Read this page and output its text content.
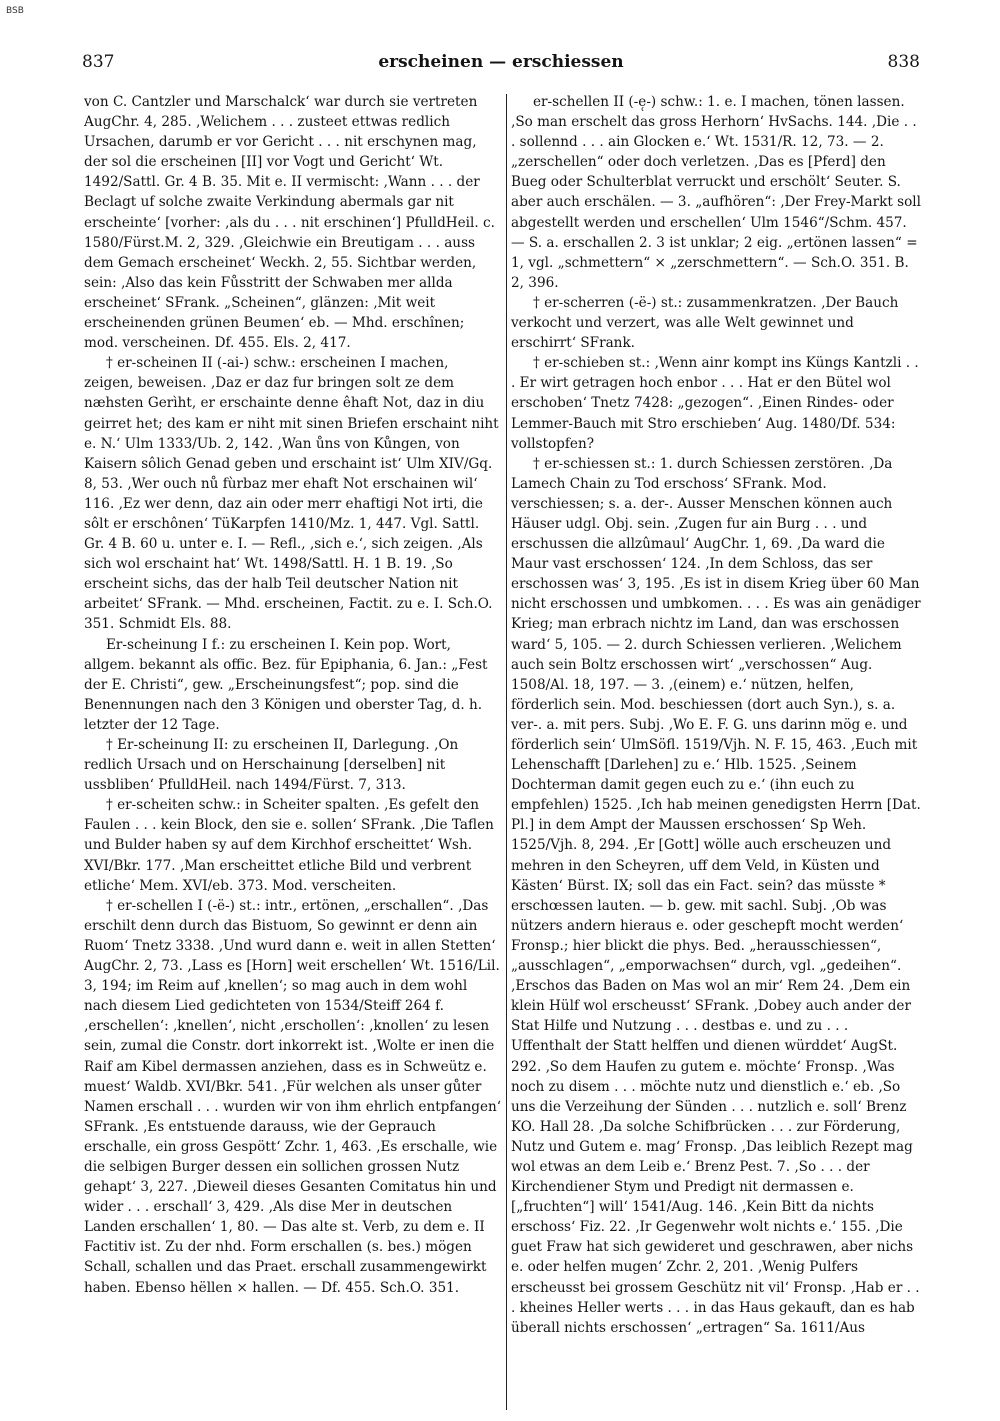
BSB
837	erscheinen — erschiessen	838

von C. Cantzler und Marschalck‘ war durch sie vertreten AugChr. 4, 285. ‚Welichem . . . zusteet ettwas redlich Ursachen, darumb er vor Gericht . . . nit erschynen mag, der sol die erscheinen [II] vor Vogt und Gericht‘ Wt. 1492/Sattl. Gr. 4 B. 35. Mit e. II vermischt: ‚Wann . . . der Beclagt uf solche zwaite Verkindung abermals gar nit erscheinte‘ [vorher: ‚als du . . . nit erschinen‘] PfulldHeil. c. 1580/Fürst.M. 2, 329. ‚Gleichwie ein Breutigam . . . auss dem Gemach erscheinet‘ Weckh. 2, 55. Sichtbar werden, sein: ‚Also das kein Fůsstritt der Schwaben mer allda erscheinet‘ SFrank. „Scheinen“, glänzen: ‚Mit weit erscheinenden grünen Beumen‘ eb. — Mhd. erschînen; mod. verscheinen. Df. 455. Els. 2, 417.

† er-scheinen II (-ai-) schw.: erscheinen I machen, zeigen, beweisen. ‚Daz er daz fur bringen solt ze dem næhsten Gerìht, er erschainte denne êhaft Not, daz in diu geirret het; des kam er niht mit sinen Briefen erschaint niht e. N.‘ Ulm 1333/Ub. 2, 142. ‚Wan ůns von Kůngen, von Kaisern sôlich Genad geben und erschaint ist‘ Ulm XIV/Gq. 8, 53. ‚Wer ouch nů fùrbaz mer ehaft Not erschainen wil‘ 116. ‚Ez wer denn, daz ain oder merr ehaftigi Not irti, die sôlt er erschônen‘ TüKarpfen 1410/Mz. 1, 447. Vgl. Sattl. Gr. 4 B. 60 u. unter e. I. — Refl., ‚sich e.‘, sich zeigen. ‚Als sich wol erschaint hat‘ Wt. 1498/Sattl. H. 1 B. 19. ‚So erscheint sichs, das der halb Teil deutscher Nation nit arbeitet‘ SFrank. — Mhd. erscheinen, Factit. zu e. I. Sch.O. 351. Schmidt Els. 88.

Er-scheinung I f.: zu erscheinen I. Kein pop. Wort, allgem. bekannt als offic. Bez. für Epiphania, 6. Jan.: „Fest der E. Christi“, gew. „Erscheinungsfest“; pop. sind die Benennungen nach den 3 Königen und oberster Tag, d. h. letzter der 12 Tage.

† Er-scheinung II: zu erscheinen II, Darlegung. ‚On redlich Ursach und on Herschainung [derselben] nit ussbliben‘ PfulldHeil. nach 1494/Fürst. 7, 313.

† er-scheiten schw.: in Scheiter spalten. ‚Es gefelt den Faulen . . . kein Block, den sie e. sollen‘ SFrank. ‚Die Taflen und Bulder haben sy auf dem Kirchhof erscheittet‘ Wsh. XVI/Bkr. 177. ‚Man erscheittet etliche Bild und verbrent etliche‘ Mem. XVI/eb. 373. Mod. verscheiten.

† er-schellen I (-ë-) st.: intr., ertönen, „erschallen“. ‚Das erschilt denn durch das Bistuom, So gewinnt er denn ain Ruom‘ Tnetz 3338. ‚Und wurd dann e. weit in allen Stetten‘ AugChr. 2, 73. ‚Lass es [Horn] weit erschellen‘ Wt. 1516/Lil. 3, 194; im Reim auf ‚knellen‘; so mag auch in dem wohl nach diesem Lied gedichteten von 1534/Steiff 264 f. ‚erschellen‘: ‚knellen‘, nicht ‚erschollen‘: ‚knollen‘ zu lesen sein, zumal die Constr. dort inkorrekt ist. ‚Wolte er inen die Raif am Kibel dermassen anziehen, dass es in Schweütz e. muest‘ Waldb. XVI/Bkr. 541. ‚Für welchen als unser gůter Namen erschall . . . wurden wir von ihm ehrlich entpfangen‘ SFrank. ‚Es entstuende darauss, wie der Geprauch erschalle, ein gross Gespött‘ Zchr. 1, 463. ‚Es erschalle, wie die selbigen Burger dessen ein sollichen grossen Nutz gehapt‘ 3, 227. ‚Dieweil dieses Gesanten Comitatus hin und wider . . . erschall‘ 3, 429. ‚Als dise Mer in deutschen Landen erschallen‘ 1, 80. — Das alte st. Verb, zu dem e. II Factitiv ist. Zu der nhd. Form erschallen (s. bes.) mögen Schall, schallen und das Praet. erschall zusammengewirkt haben. Ebenso hëllen × hallen. — Df. 455. Sch.O. 351.

er-schellen II (-e̜-) schw.: 1. e. I machen, tönen lassen. ‚So man erschelt das gross Herhorn‘ HvSachs. 144. ‚Die . . . sollennd . . . ain Glocken e.‘ Wt. 1531/R. 12, 73. — 2. „zerschellen“ oder doch verletzen. ‚Das es [Pferd] den Bueg oder Schulterblat verruckt und erschölt‘ Seuter. S. aber auch erschälen. — 3. „aufhören“: ‚Der Frey-Markt soll abgestellt werden und erschellen‘ Ulm 1546“/Schm. 457. — S. a. erschallen 2. 3 ist unklar; 2 eig. „ertönen lassen“ = 1, vgl. „schmettern“ × „zerschmettern“. — Sch.O. 351. B. 2, 396.

† er-scherren (-ë-) st.: zusammenkratzen. ‚Der Bauch verkocht und verzert, was alle Welt gewinnet und erschirrt‘ SFrank.

† er-schieben st.: ‚Wenn ainr kompt ins Küngs Kantzli . . . Er wirt getragen hoch enbor . . . Hat er den Bütel wol erschoben‘ Tnetz 7428: „gezogen“. ‚Einen Rindes- oder Lemmer-Bauch mit Stro erschieben‘ Aug. 1480/Df. 534: vollstopfen?

† er-schiessen st.: 1. durch Schiessen zerstören. ‚Da Lamech Chain zu Tod erschoss‘ SFrank. Mod. verschiessen; s. a. der-. Ausser Menschen können auch Häuser udgl. Obj. sein. ‚Zugen fur ain Burg . . . und erschussen die allzûmaul‘ AugChr. 1, 69. ‚Da ward die Maur vast erschossen‘ 124. ‚In dem Schloss, das ser erschossen was‘ 3, 195. ‚Es ist in disem Krieg über 60 Man nicht erschossen und umbkomen. . . . Es was ain genädiger Krieg; man erbrach nichtz im Land, dan was erschossen ward‘ 5, 105. — 2. durch Schiessen verlieren. ‚Welichem auch sein Boltz erschossen wirt‘ „verschossen“ Aug. 1508/Al. 18, 197. — 3. ‚(einem) e.‘ nützen, helfen, förderlich sein. Mod. beschiessen (dort auch Syn.), s. a. ver-. a. mit pers. Subj. ‚Wo E. F. G. uns darinn mög e. und förderlich sein‘ UlmSöfl. 1519/Vjh. N. F. 15, 463. ‚Euch mit Lehenschafft [Darlehen] zu e.‘ Hlb. 1525. ‚Seinem Dochterman damit gegen euch zu e.‘ (ihn euch zu empfehlen) 1525. ‚Ich hab meinen genedigsten Herrn [Dat. Pl.] in dem Ampt der Maussen erschossen‘ Sp Weh. 1525/Vjh. 8, 294. ‚Er [Gott] wölle auch erscheuzen und mehren in den Scheyren, uff dem Veld, in Küsten und Kästen‘ Bürst. IX; soll das ein Fact. sein? das müsste * erschœssen lauten. — b. gew. mit sachl. Subj. ‚Ob was nützers andern hieraus e. oder geschepft mocht werden‘ Fronsp.; hier blickt die phys. Bed. „herausschiessen“, „ausschlagen“, „emporwachsen“ durch, vgl. „gedeihen“. ‚Erschos das Baden on Mas wol an mir‘ Rem 24. ‚Dem ein klein Hülf wol erscheusst‘ SFrank. ‚Dobey auch ander der Stat Hilfe und Nutzung . . . destbas e. und zu . . . Uffenthalt der Statt helffen und dienen würddet‘ AugSt. 292. ‚So dem Haufen zu gutem e. möchte‘ Fronsp. ‚Was noch zu disem . . . möchte nutz und dienstlich e.‘ eb. ‚So uns die Verzeihung der Sünden . . . nutzlich e. soll‘ Brenz KO. Hall 28. ‚Da solche Schifbrücken . . . zur Förderung, Nutz und Gutem e. mag‘ Fronsp. ‚Das leiblich Rezept mag wol etwas an dem Leib e.‘ Brenz Pest. 7. ‚So . . . der Kirchendiener Stym und Predigt nit dermassen e. [„fruchten“] will‘ 1541/Aug. 146. ‚Kein Bitt da nichts erschoss‘ Fiz. 22. ‚Ir Gegenwehr wolt nichts e.‘ 155. ‚Die guet Fraw hat sich gewideret und geschrawen, aber nichs e. oder helfen mugen‘ Zchr. 2, 201. ‚Wenig Pulfers erscheusst bei grossem Geschütz nit vil‘ Fronsp. ‚Hab er . . . kheines Heller werts . . . in das Haus gekauft, dan es hab überall nichts erschossen‘ „ertragen“ Sa. 1611/Aus
